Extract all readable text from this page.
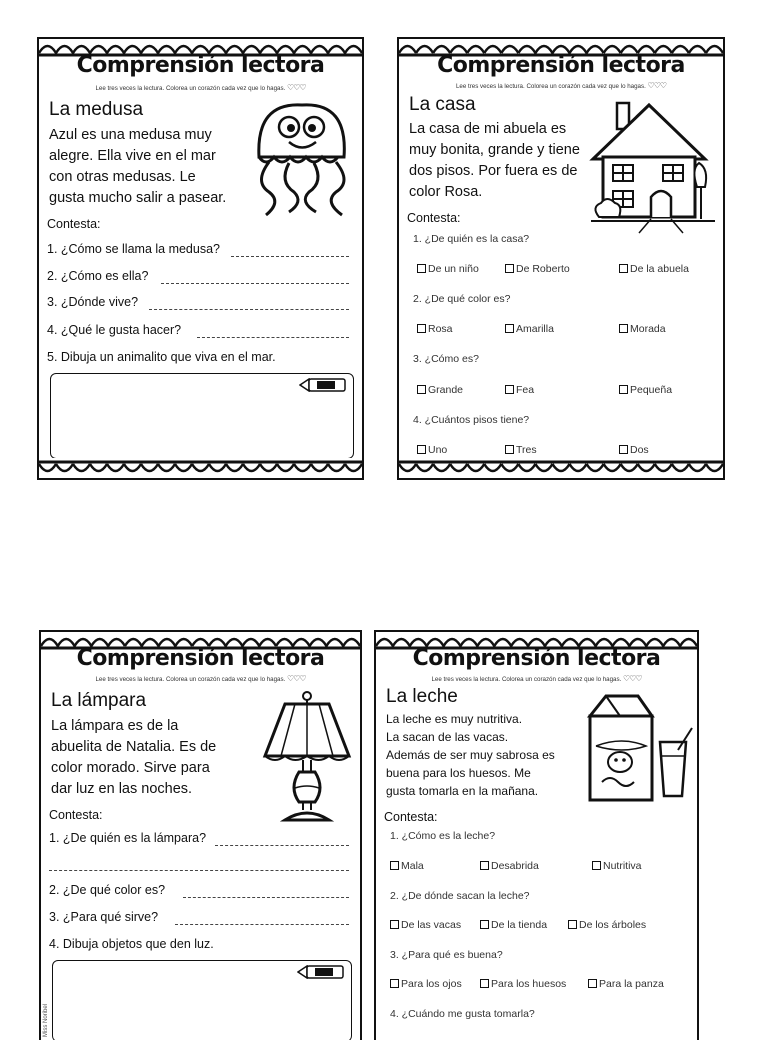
Comprensión lectora
Lee tres veces la lectura. Colorea un corazón cada vez que lo hagas. ♡♡♡
La medusa
Azul es una medusa muy
alegre. Ella vive en el mar
con otras medusas. Le
gusta mucho salir a pasear.
Contesta:
1. ¿Cómo se llama la medusa?
2. ¿Cómo es ella?
3. ¿Dónde vive?
4. ¿Qué le gusta hacer?
5. Dibuja un animalito que viva en el mar.
Comprensión lectora
Lee tres veces la lectura. Colorea un corazón cada vez que lo hagas. ♡♡♡
La casa
La casa de mi abuela es
muy bonita, grande y tiene
dos pisos. Por fuera es de
color Rosa.
Contesta:
1. ¿De quién es la casa?
De un niño	De Roberto	De la abuela
2. ¿De qué color es?
Rosa	Amarilla	Morada
3. ¿Cómo es?
Grande	Fea	Pequeña
4. ¿Cuántos pisos tiene?
Uno	Tres	Dos
Comprensión lectora
Lee tres veces la lectura. Colorea un corazón cada vez que lo hagas. ♡♡♡
La lámpara
La lámpara es de la
abuelita de Natalia. Es de
color morado. Sirve para
dar luz en las noches.
Contesta:
1. ¿De quién es la lámpara?
2. ¿De qué color es?
3. ¿Para qué sirve?
4. Dibuja objetos que den luz.
Miss Noribel
Comprensión lectora
Lee tres veces la lectura. Colorea un corazón cada vez que lo hagas. ♡♡♡
La leche
La leche es muy nutritiva.
La sacan de las vacas.
Además de ser muy sabrosa es
buena para los huesos. Me
gusta tomarla en la mañana.
Contesta:
1. ¿Cómo es la leche?
Mala	Desabrida	Nutritiva
2. ¿De dónde sacan la leche?
De las vacas	De la tienda	De los árboles
3. ¿Para qué es buena?
Para los ojos	Para los huesos	Para la panza
4. ¿Cuándo me gusta tomarla?
